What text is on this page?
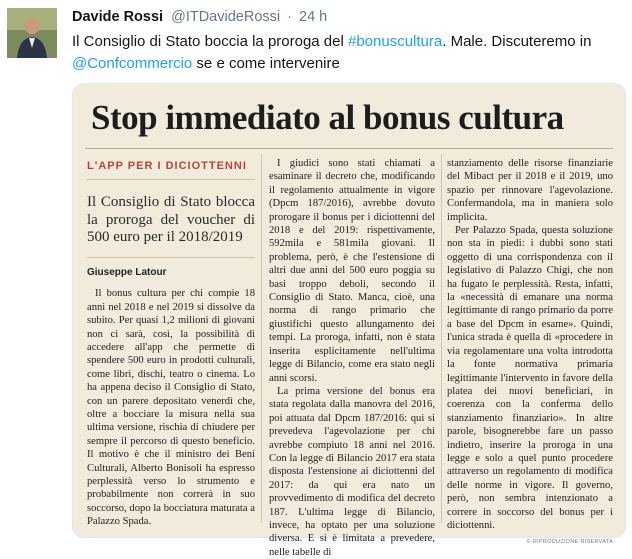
Davide Rossi @ITDavideRossi · 24 h
Il Consiglio di Stato boccia la proroga del #bonuscultura. Male. Discuteremo in
@Confcommercio se e come intervenire
Stop immediato al bonus cultura
L'APP PER I DICIOTTENNI
Il Consiglio di Stato blocca la proroga del voucher di 500 euro per il 2018/2019
Giuseppe Latour
Il bonus cultura per chi compie 18 anni nel 2018 e nel 2019 si dissolve da subito. Per quasi 1,2 milioni di giovani non ci sarà, così, la possibilità di accedere all'app che permette di spendere 500 euro in prodotti culturali, come libri, dischi, teatro o cinema. Lo ha appena deciso il Consiglio di Stato, con un parere depositato venerdì che, oltre a bocciare la misura nella sua ultima versione, rischia di chiudere per sempre il percorso di questo beneficio. Il motivo è che il ministro dei Beni Culturali, Alberto Bonisoli ha espresso perplessità verso lo strumento e probabilmente non correrà in suo soccorso, dopo la bocciatura maturata a Palazzo Spada.
I giudici sono stati chiamati a esaminare il decreto che, modificando il regolamento attualmente in vigore (Dpcm 187/2016), avrebbe dovuto prorogare il bonus per i diciottenni del 2018 e del 2019: rispettivamente, 592mila e 581mila giovani. Il problema, però, è che l'estensione di altri due anni del 500 euro poggia su basi troppo deboli, secondo il Consiglio di Stato. Manca, cioè, una norma di rango primario che giustifichi questo allungamento dei tempi. La proroga, infatti, non è stata inserita esplicitamente nell'ultima legge di Bilancio, come era stato negli anni scorsi.
La prima versione del bonus era stata regolata dalla manovra del 2016, poi attuata dal Dpcm 187/2016: qui si prevedeva l'agevolazione per chi avrebbe compiuto 18 anni nel 2016. Con la legge di Bilancio 2017 era stata disposta l'estensione ai diciottenni del 2017: da qui era nato un provvedimento di modifica del decreto 187. L'ultima legge di Bilancio, invece, ha optato per una soluzione diversa. E si è limitata a prevedere, nelle tabelle di
stanziamento delle risorse finanziarie del Mibact per il 2018 e il 2019, uno spazio per rinnovare l'agevolazione. Confermandola, ma in maniera solo implicita.
Per Palazzo Spada, questa soluzione non sta in piedi: i dubbi sono stati oggetto di una corrispondenza con il legislativo di Palazzo Chigi, che non ha fugato le perplessità. Resta, infatti, la «necessità di emanare una norma legittimante di rango primario da porre a base del Dpcm in esame». Quindi, l'unica strada è quella di «procedere in via regolamentare una volta introdotta la fonte normativa primaria legittimante l'intervento in favore della platea dei nuovi beneficiari, in coerenza con la conferma dello stanziamento finanziario». In altre parole, bisognerebbe fare un passo indietro, inserire la proroga in una legge e solo a quel punto procedere attraverso un regolamento di modifica delle norme in vigore. Il governo, però, non sembra intenzionato a correre in soccorso del bonus per i diciottenni.
© RIPRODUZIONE RISERVATA
